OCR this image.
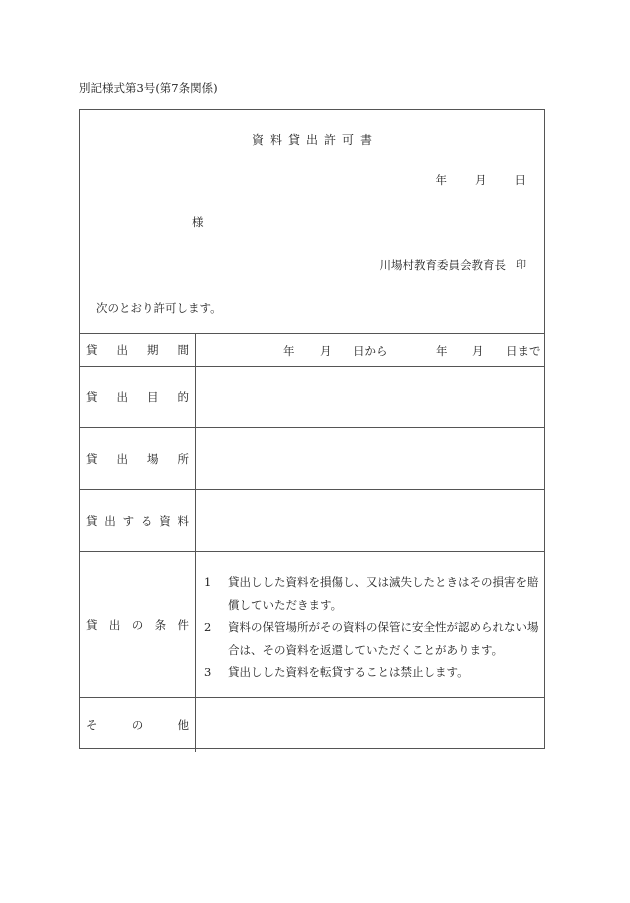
別記様式第3号(第7条関係)
資料貸出許可書
年 月 日
様
川場村教育委員会教育長 印
次のとおり許可します。
貸 出 期 間	年 月 日から	年 月 日まで
貸 出 目 的
貸 出 場 所
貸 出 す る 資 料
貸 出 の 条 件
1	貸出しした資料を損傷し、又は滅失したときはその損害を賠
償していただきます。
2	資料の保管場所がその資料の保管に安全性が認められない場
合は、その資料を返還していただくことがあります。
3	貸出しした資料を転貸することは禁止します。
そ	の	他
